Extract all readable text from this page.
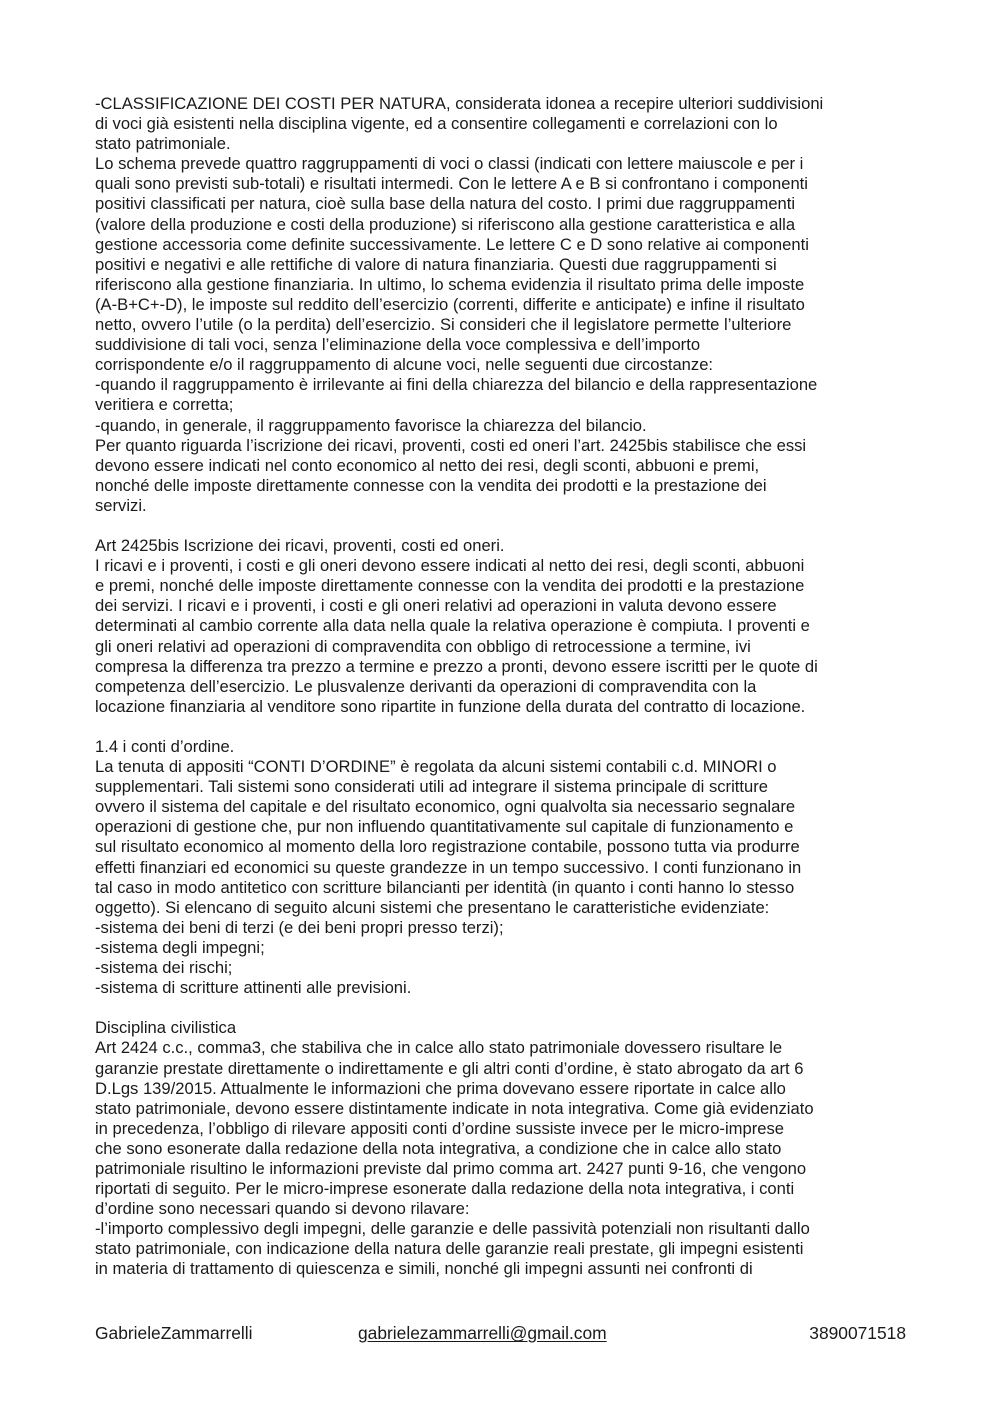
-CLASSIFICAZIONE DEI COSTI PER NATURA, considerata idonea a recepire ulteriori suddivisioni
di voci già esistenti nella disciplina vigente, ed a consentire collegamenti e correlazioni con lo
stato patrimoniale.
Lo schema prevede quattro raggruppamenti di voci o classi (indicati con lettere maiuscole e per i
quali sono previsti sub-totali) e risultati intermedi. Con le lettere A e B si confrontano i componenti
positivi classificati per natura, cioè sulla base della natura del costo. I primi due raggruppamenti
(valore della produzione e costi della produzione) si riferiscono alla gestione caratteristica e alla
gestione accessoria come definite successivamente. Le lettere C e D sono relative ai componenti
positivi e negativi e alle rettifiche di valore di natura finanziaria. Questi due raggruppamenti si
riferiscono alla gestione finanziaria. In ultimo, lo schema evidenzia il risultato prima delle imposte
(A-B+C+-D), le imposte sul reddito dell’esercizio (correnti, differite e anticipate) e infine il risultato
netto, ovvero l’utile (o la perdita) dell’esercizio. Si consideri che il legislatore permette l’ulteriore
suddivisione di tali voci, senza l’eliminazione della voce complessiva e dell’importo
corrispondente e/o il raggruppamento di alcune voci, nelle seguenti due circostanze:
-quando il raggruppamento è irrilevante ai fini della chiarezza del bilancio e della rappresentazione
veritiera e corretta;
-quando, in generale, il raggruppamento favorisce la chiarezza del bilancio.
Per quanto riguarda l’iscrizione dei ricavi, proventi, costi ed oneri l’art. 2425bis stabilisce che essi
devono essere indicati nel conto economico al netto dei resi, degli sconti, abbuoni e premi,
nonché delle imposte direttamente connesse con la vendita dei prodotti e la prestazione dei
servizi.
Art 2425bis Iscrizione dei ricavi, proventi, costi ed oneri.
I ricavi e i proventi, i costi e gli oneri devono essere indicati al netto dei resi, degli sconti, abbuoni
e premi, nonché delle imposte direttamente connesse con la vendita dei prodotti e la prestazione
dei servizi. I ricavi e i proventi, i costi e gli oneri relativi ad operazioni in valuta devono essere
determinati al cambio corrente alla data nella quale la relativa operazione è compiuta. I proventi e
gli oneri relativi ad operazioni di compravendita con obbligo di retrocessione a termine, ivi
compresa la differenza tra prezzo a termine e prezzo a pronti, devono essere iscritti per le quote di
competenza dell’esercizio. Le plusvalenze derivanti da operazioni di compravendita con la
locazione finanziaria al venditore sono ripartite in funzione della durata del contratto di locazione.
1.4 i conti d’ordine.
La tenuta di appositi “CONTI D’ORDINE” è regolata da alcuni sistemi contabili c.d. MINORI o
supplementari. Tali sistemi sono considerati utili ad integrare il sistema principale di scritture
ovvero il sistema del capitale e del risultato economico, ogni qualvolta sia necessario segnalare
operazioni di gestione che, pur non influendo quantitativamente sul capitale di funzionamento e
sul risultato economico al momento della loro registrazione contabile, possono tutta via produrre
effetti finanziari ed economici su queste grandezze in un tempo successivo. I conti funzionano in
tal caso in modo antitetico con scritture bilancianti per identità (in quanto i conti hanno lo stesso
oggetto). Si elencano di seguito alcuni sistemi che presentano le caratteristiche evidenziate:
-sistema dei beni di terzi (e dei beni propri presso terzi);
-sistema degli impegni;
-sistema dei rischi;
-sistema di scritture attinenti alle previsioni.
Disciplina civilistica
Art 2424 c.c., comma3, che stabiliva che in calce allo stato patrimoniale dovessero risultare le
garanzie prestate direttamente o indirettamente e gli altri conti d’ordine, è stato abrogato da art 6
D.Lgs 139/2015. Attualmente le informazioni che prima dovevano essere riportate in calce allo
stato patrimoniale, devono essere distintamente indicate in nota integrativa. Come già evidenziato
in precedenza, l’obbligo di rilevare appositi conti d’ordine sussiste invece per le micro-imprese
che sono esonerate dalla redazione della nota integrativa, a condizione che in calce allo stato
patrimoniale risultino le informazioni previste dal primo comma art. 2427 punti 9-16, che vengono
riportati di seguito. Per le micro-imprese esonerate dalla redazione della nota integrativa, i conti
d’ordine sono necessari quando si devono rilavare:
-l’importo complessivo degli impegni, delle garanzie e delle passività potenziali non risultanti dallo
stato patrimoniale, con indicazione della natura delle garanzie reali prestate, gli impegni esistenti
in materia di trattamento di quiescenza e simili, nonché gli impegni assunti nei confronti di
GabrieleZammarrelli	gabrielezammarrelli@gmail.com	3890071518
